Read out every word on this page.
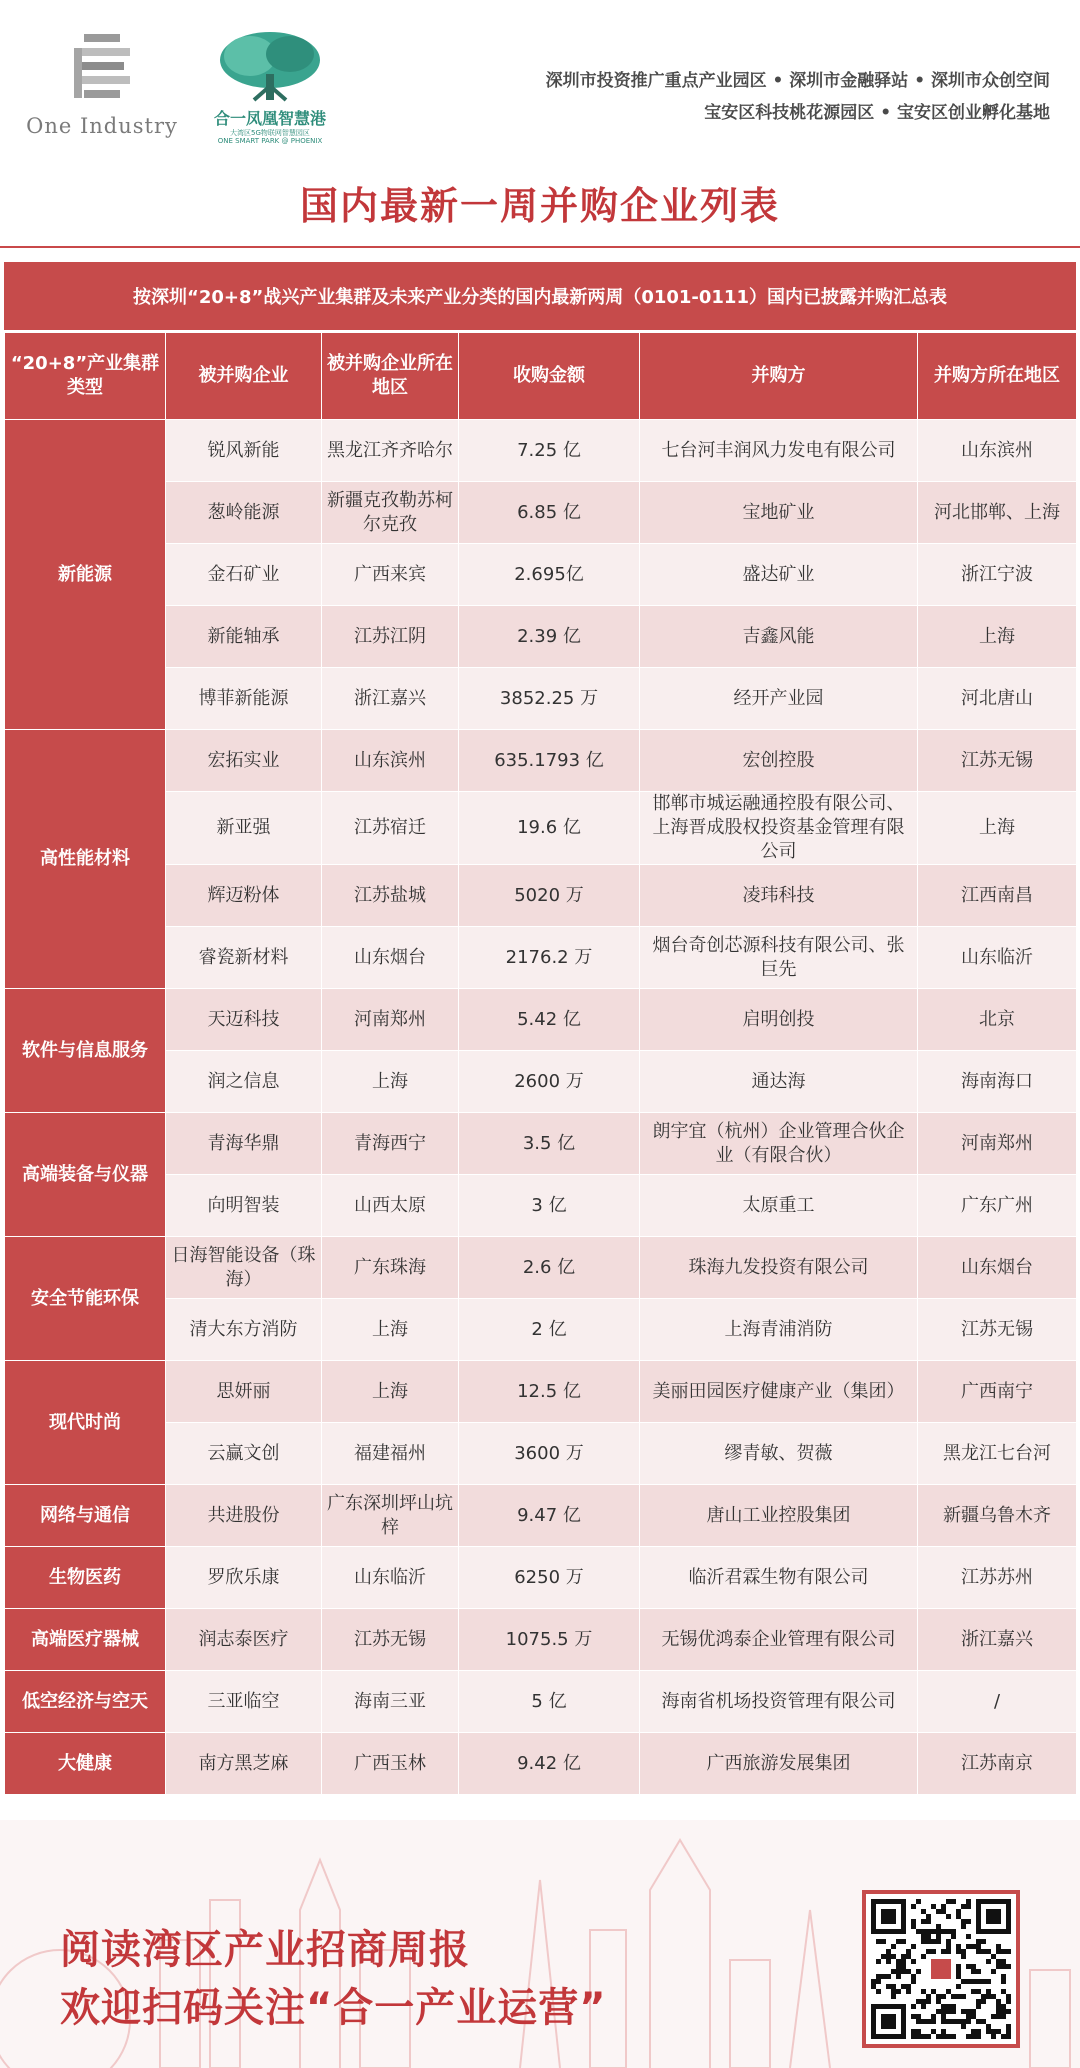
One Industry 合一凤凰智慧港
大湾区5G物联网智慧园区
ONE SMART PARK @ PHOENIX
深圳市投资推广重点产业园区 • 深圳市金融驿站 • 深圳市众创空间
宝安区科技桃花源园区 • 宝安区创业孵化基地
国内最新一周并购企业列表
按深圳“20+8”战兴产业集群及未来产业分类的国内最新两周（0101-0111）国内已披露并购汇总表
“20+8”产业集群类型	被并购企业	被并购企业所在地区	收购金额	并购方	并购方所在地区
新能源	锐风新能	黑龙江齐齐哈尔	7.25 亿	七台河丰润风力发电有限公司	山东滨州
	葱岭能源	新疆克孜勒苏柯尔克孜	6.85 亿	宝地矿业	河北邯郸、上海
	金石矿业	广西来宾	2.695亿	盛达矿业	浙江宁波
	新能轴承	江苏江阴	2.39 亿	吉鑫风能	上海
	博菲新能源	浙江嘉兴	3852.25 万	经开产业园	河北唐山
高性能材料	宏拓实业	山东滨州	635.1793 亿	宏创控股	江苏无锡
	新亚强	江苏宿迁	19.6 亿	邯郸市城运融通控股有限公司、上海晋成股权投资基金管理有限公司	上海
	辉迈粉体	江苏盐城	5020 万	凌玮科技	江西南昌
	睿瓷新材料	山东烟台	2176.2 万	烟台奇创芯源科技有限公司、张巨先	山东临沂
软件与信息服务	天迈科技	河南郑州	5.42 亿	启明创投	北京
	润之信息	上海	2600 万	通达海	海南海口
高端装备与仪器	青海华鼎	青海西宁	3.5 亿	朗宇宜（杭州）企业管理合伙企业（有限合伙）	河南郑州
	向明智装	山西太原	3 亿	太原重工	广东广州
安全节能环保	日海智能设备（珠海）	广东珠海	2.6 亿	珠海九发投资有限公司	山东烟台
	清大东方消防	上海	2 亿	上海青浦消防	江苏无锡
现代时尚	思妍丽	上海	12.5 亿	美丽田园医疗健康产业（集团）	广西南宁
	云赢文创	福建福州	3600 万	缪青敏、贺薇	黑龙江七台河
网络与通信	共进股份	广东深圳坪山坑梓	9.47 亿	唐山工业控股集团	新疆乌鲁木齐
生物医药	罗欣乐康	山东临沂	6250 万	临沂君霖生物有限公司	江苏苏州
高端医疗器械	润志泰医疗	江苏无锡	1075.5 万	无锡优鸿泰企业管理有限公司	浙江嘉兴
低空经济与空天	三亚临空	海南三亚	5 亿	海南省机场投资管理有限公司	/
大健康	南方黑芝麻	广西玉林	9.42 亿	广西旅游发展集团	江苏南京
阅读湾区产业招商周报
欢迎扫码关注“合一产业运营”
